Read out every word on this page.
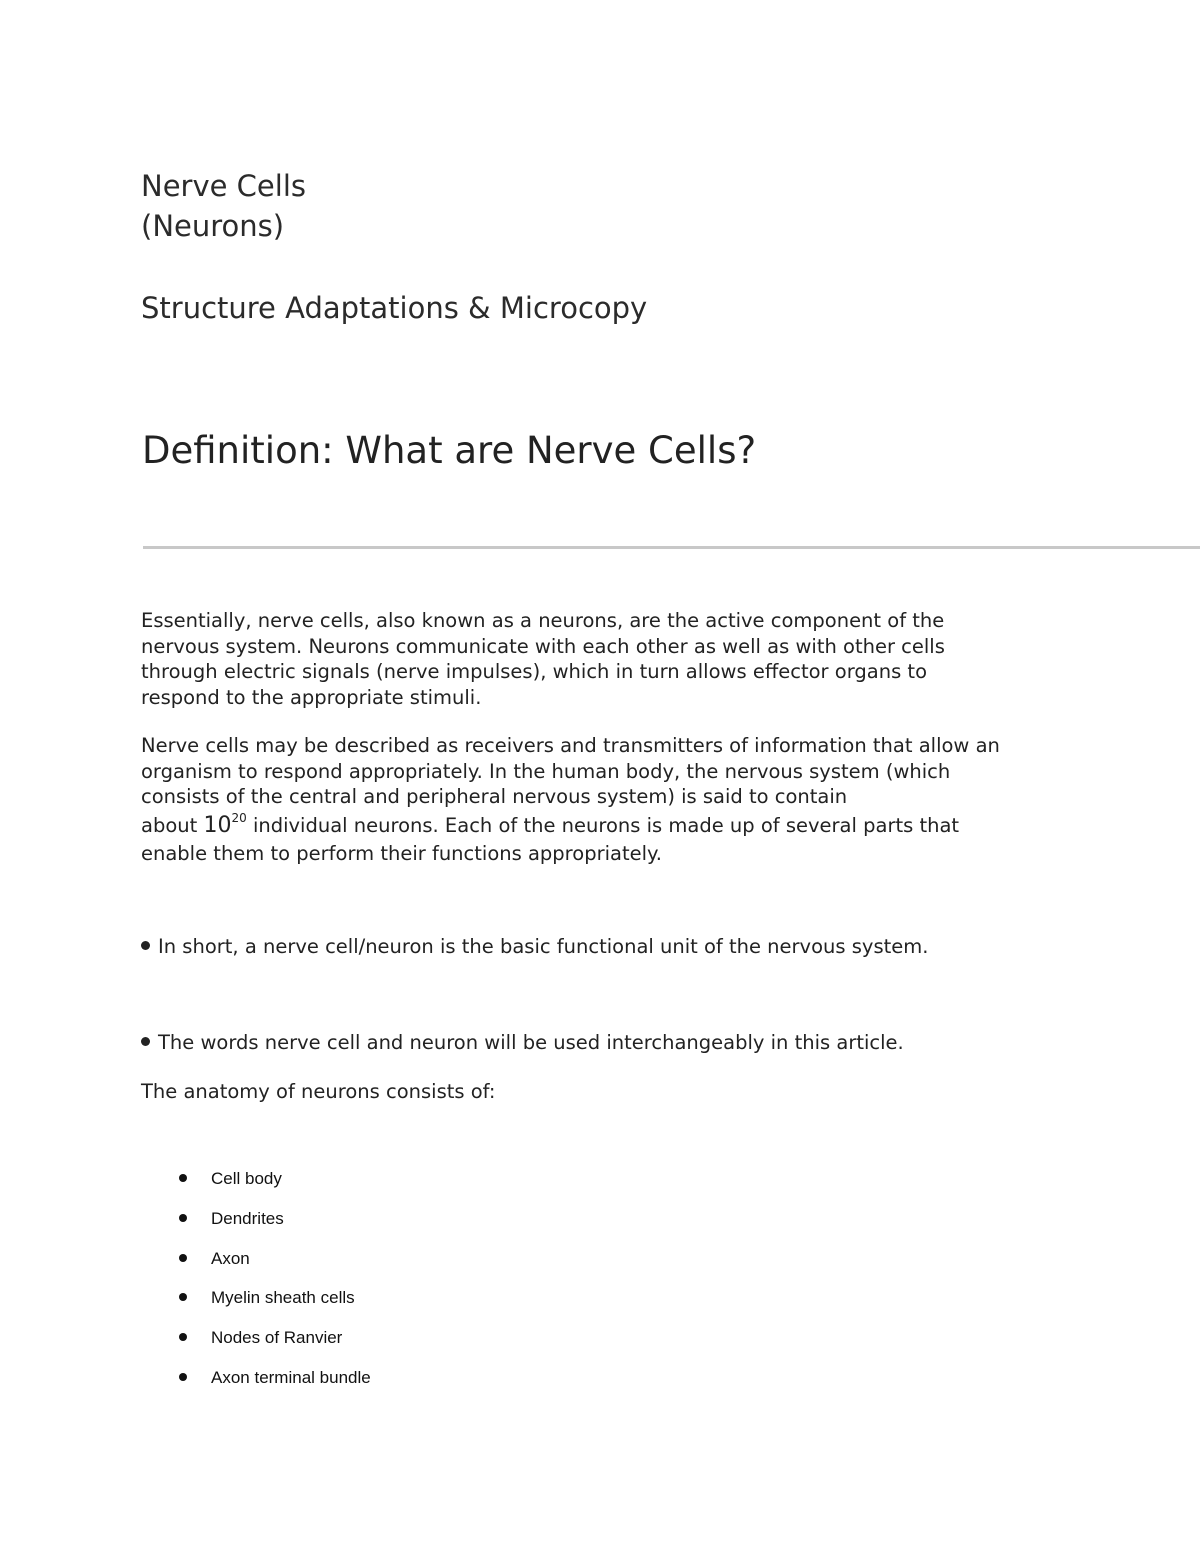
Nerve Cells
(Neurons)
Structure Adaptations & Microcopy
Definition: What are Nerve Cells?

Essentially, nerve cells, also known as a neurons, are the active component of the
nervous system. Neurons communicate with each other as well as with other cells
through electric signals (nerve impulses), which in turn allows effector organs to
respond to the appropriate stimuli.

Nerve cells may be described as receivers and transmitters of information that allow an
organism to respond appropriately. In the human body, the nervous system (which
consists of the central and peripheral nervous system) is said to contain
about $10^{20}$ individual neurons. Each of the neurons is made up of several parts that
enable them to perform their functions appropriately.

In short, a nerve cell/neuron is the basic functional unit of the nervous system.
The words nerve cell and neuron will be used interchangeably in this article.
The anatomy of neurons consists of:
Cell body
Dendrites
Axon
Myelin sheath cells
Nodes of Ranvier
Axon terminal bundle
